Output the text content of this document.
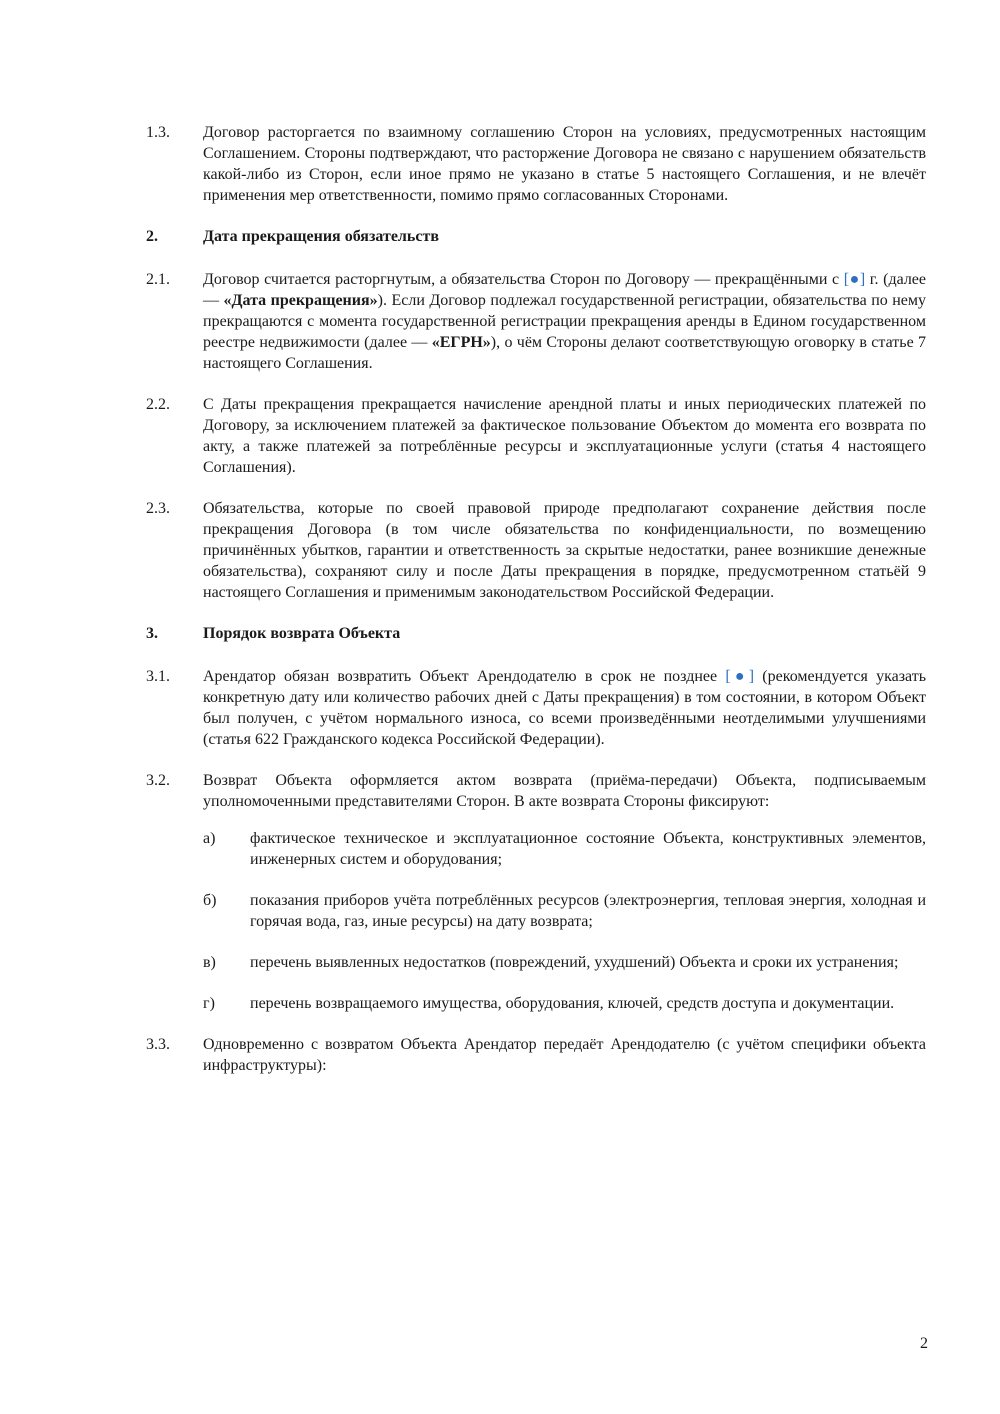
1.3.	Договор расторгается по взаимному соглашению Сторон на условиях, предусмотренных настоящим Соглашением. Стороны подтверждают, что расторжение Договора не связано с нарушением обязательств какой-либо из Сторон, если иное прямо не указано в статье 5 настоящего Соглашения, и не влечёт применения мер ответственности, помимо прямо согласованных Сторонами.
2.	Дата прекращения обязательств
2.1.	Договор считается расторгнутым, а обязательства Сторон по Договору — прекращёнными с [●] г. (далее — «Дата прекращения»). Если Договор подлежал государственной регистрации, обязательства по нему прекращаются с момента государственной регистрации прекращения аренды в Едином государственном реестре недвижимости (далее — «ЕГРН»), о чём Стороны делают соответствующую оговорку в статье 7 настоящего Соглашения.
2.2.	С Даты прекращения прекращается начисление арендной платы и иных периодических платежей по Договору, за исключением платежей за фактическое пользование Объектом до момента его возврата по акту, а также платежей за потреблённые ресурсы и эксплуатационные услуги (статья 4 настоящего Соглашения).
2.3.	Обязательства, которые по своей правовой природе предполагают сохранение действия после прекращения Договора (в том числе обязательства по конфиденциальности, по возмещению причинённых убытков, гарантии и ответственность за скрытые недостатки, ранее возникшие денежные обязательства), сохраняют силу и после Даты прекращения в порядке, предусмотренном статьёй 9 настоящего Соглашения и применимым законодательством Российской Федерации.
3.	Порядок возврата Объекта
3.1.	Арендатор обязан возвратить Объект Арендодателю в срок не позднее [●] (рекомендуется указать конкретную дату или количество рабочих дней с Даты прекращения) в том состоянии, в котором Объект был получен, с учётом нормального износа, со всеми произведёнными неотделимыми улучшениями (статья 622 Гражданского кодекса Российской Федерации).
3.2.	Возврат Объекта оформляется актом возврата (приёма-передачи) Объекта, подписываемым уполномоченными представителями Сторон. В акте возврата Стороны фиксируют:
а)	фактическое техническое и эксплуатационное состояние Объекта, конструктивных элементов, инженерных систем и оборудования;
б)	показания приборов учёта потреблённых ресурсов (электроэнергия, тепловая энергия, холодная и горячая вода, газ, иные ресурсы) на дату возврата;
в)	перечень выявленных недостатков (повреждений, ухудшений) Объекта и сроки их устранения;
г)	перечень возвращаемого имущества, оборудования, ключей, средств доступа и документации.
3.3.	Одновременно с возвратом Объекта Арендатор передаёт Арендодателю (с учётом специфики объекта инфраструктуры):
2
